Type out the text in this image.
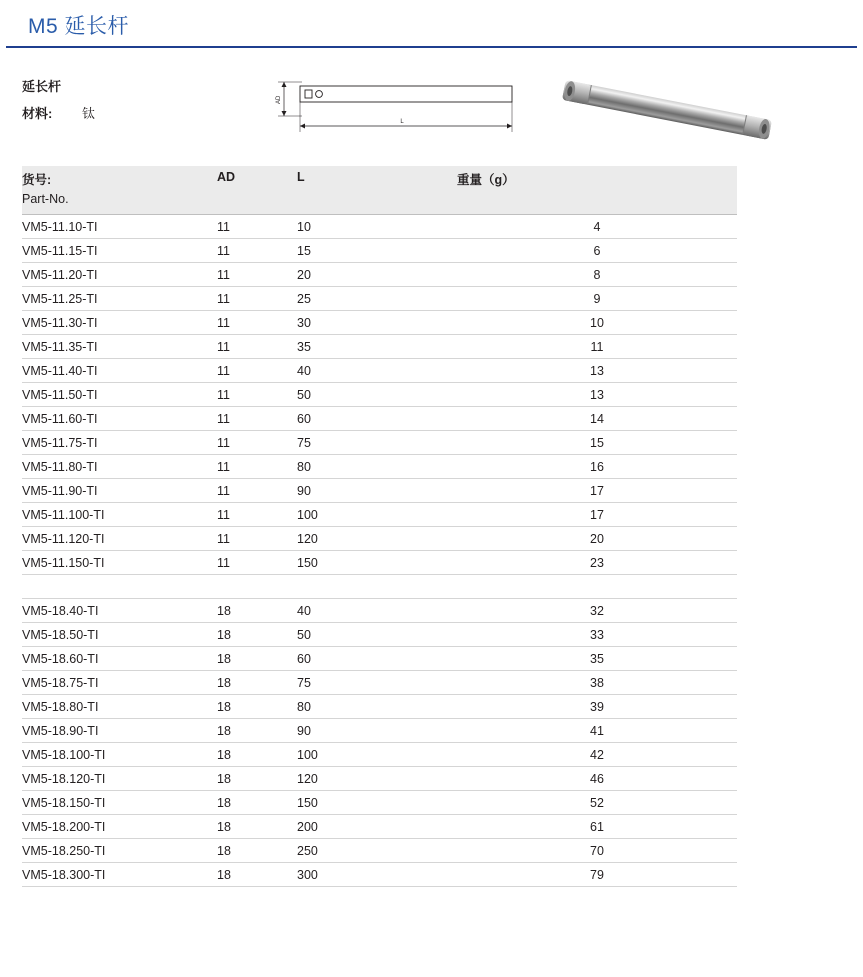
M5 延长杆
延长杆
材料: 钛
AD
L
货号:
Part-No.	AD	L	重量（g）
VM5-11.10-TI	11	10	4
VM5-11.15-TI	11	15	6
VM5-11.20-TI	11	20	8
VM5-11.25-TI	11	25	9
VM5-11.30-TI	11	30	10
VM5-11.35-TI	11	35	11
VM5-11.40-TI	11	40	13
VM5-11.50-TI	11	50	13
VM5-11.60-TI	11	60	14
VM5-11.75-TI	11	75	15
VM5-11.80-TI	11	80	16
VM5-11.90-TI	11	90	17
VM5-11.100-TI	11	100	17
VM5-11.120-TI	11	120	20
VM5-11.150-TI	11	150	23

VM5-18.40-TI	18	40	32
VM5-18.50-TI	18	50	33
VM5-18.60-TI	18	60	35
VM5-18.75-TI	18	75	38
VM5-18.80-TI	18	80	39
VM5-18.90-TI	18	90	41
VM5-18.100-TI	18	100	42
VM5-18.120-TI	18	120	46
VM5-18.150-TI	18	150	52
VM5-18.200-TI	18	200	61
VM5-18.250-TI	18	250	70
VM5-18.300-TI	18	300	79
